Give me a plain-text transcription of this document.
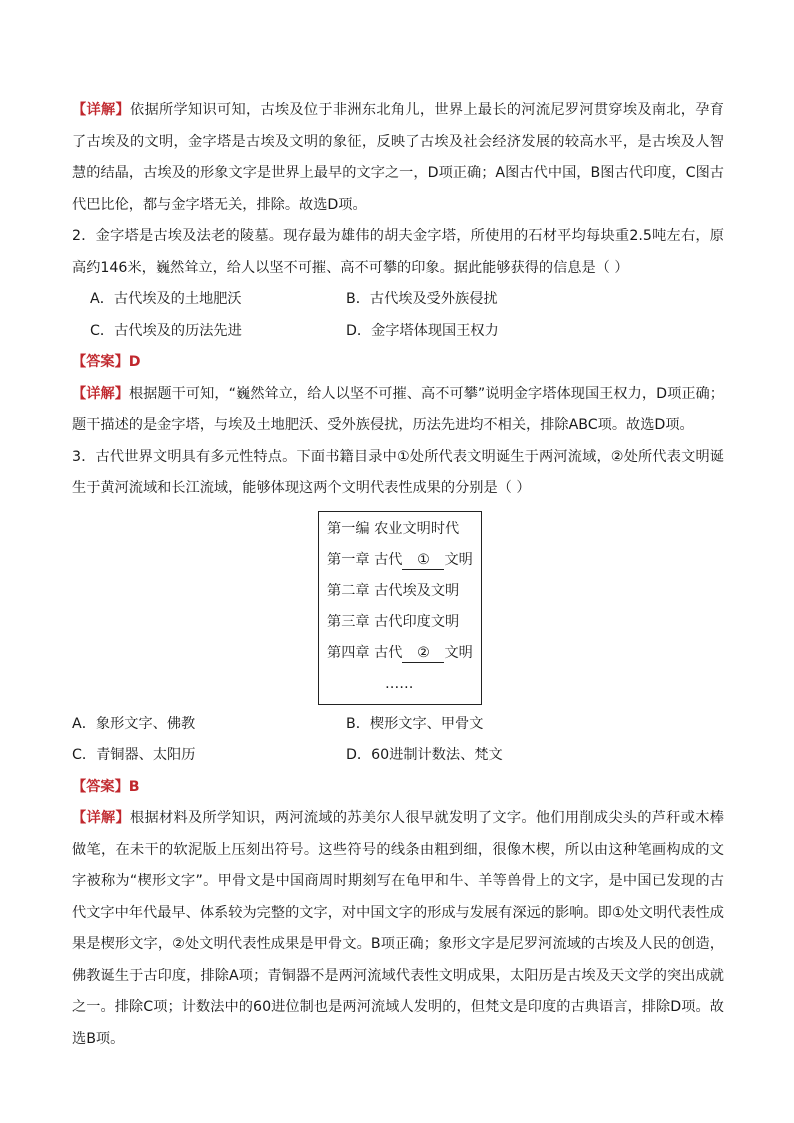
【详解】依据所学知识可知，古埃及位于非洲东北角儿，世界上最长的河流尼罗河贯穿埃及南北，孕育了古埃及的文明，金字塔是古埃及文明的象征，反映了古埃及社会经济发展的较高水平，是古埃及人智慧的结晶，古埃及的形象文字是世界上最早的文字之一，D项正确；A图古代中国，B图古代印度，C图古代巴比伦，都与金字塔无关，排除。故选D项。

2．金字塔是古埃及法老的陵墓。现存最为雄伟的胡夫金字塔，所使用的石材平均每块重2.5吨左右，原高约146米，巍然耸立，给人以坚不可摧、高不可攀的印象。据此能够获得的信息是（ ）

A．古代埃及的土地肥沃	B．古代埃及受外族侵扰
C．古代埃及的历法先进	D．金字塔体现国王权力

【答案】D

【详解】根据题干可知，“巍然耸立，给人以坚不可摧、高不可攀”说明金字塔体现国王权力，D项正确；题干描述的是金字塔，与埃及土地肥沃、受外族侵扰，历法先进均不相关，排除ABC项。故选D项。

3．古代世界文明具有多元性特点。下面书籍目录中①处所代表文明诞生于两河流域，②处所代表文明诞生于黄河流域和长江流域，能够体现这两个文明代表性成果的分别是（ ）

第一编 农业文明时代
第一章 古代 ① 文明
第二章 古代埃及文明
第三章 古代印度文明
第四章 古代 ② 文明
……
A．象形文字、佛教	B．楔形文字、甲骨文
C．青铜器、太阳历	D．60进制计数法、梵文

【答案】B

【详解】根据材料及所学知识，两河流域的苏美尔人很早就发明了文字。他们用削成尖头的芦秆或木棒做笔，在未干的软泥版上压刻出符号。这些符号的线条由粗到细，很像木楔，所以由这种笔画构成的文字被称为“楔形文字”。甲骨文是中国商周时期刻写在龟甲和牛、羊等兽骨上的文字，是中国已发现的古代文字中年代最早、体系较为完整的文字，对中国文字的形成与发展有深远的影响。即①处文明代表性成果是楔形文字，②处文明代表性成果是甲骨文。B项正确；象形文字是尼罗河流域的古埃及人民的创造，佛教诞生于古印度，排除A项；青铜器不是两河流域代表性文明成果，太阳历是古埃及天文学的突出成就之一。排除C项；计数法中的60进位制也是两河流域人发明的，但梵文是印度的古典语言，排除D项。故选B项。
